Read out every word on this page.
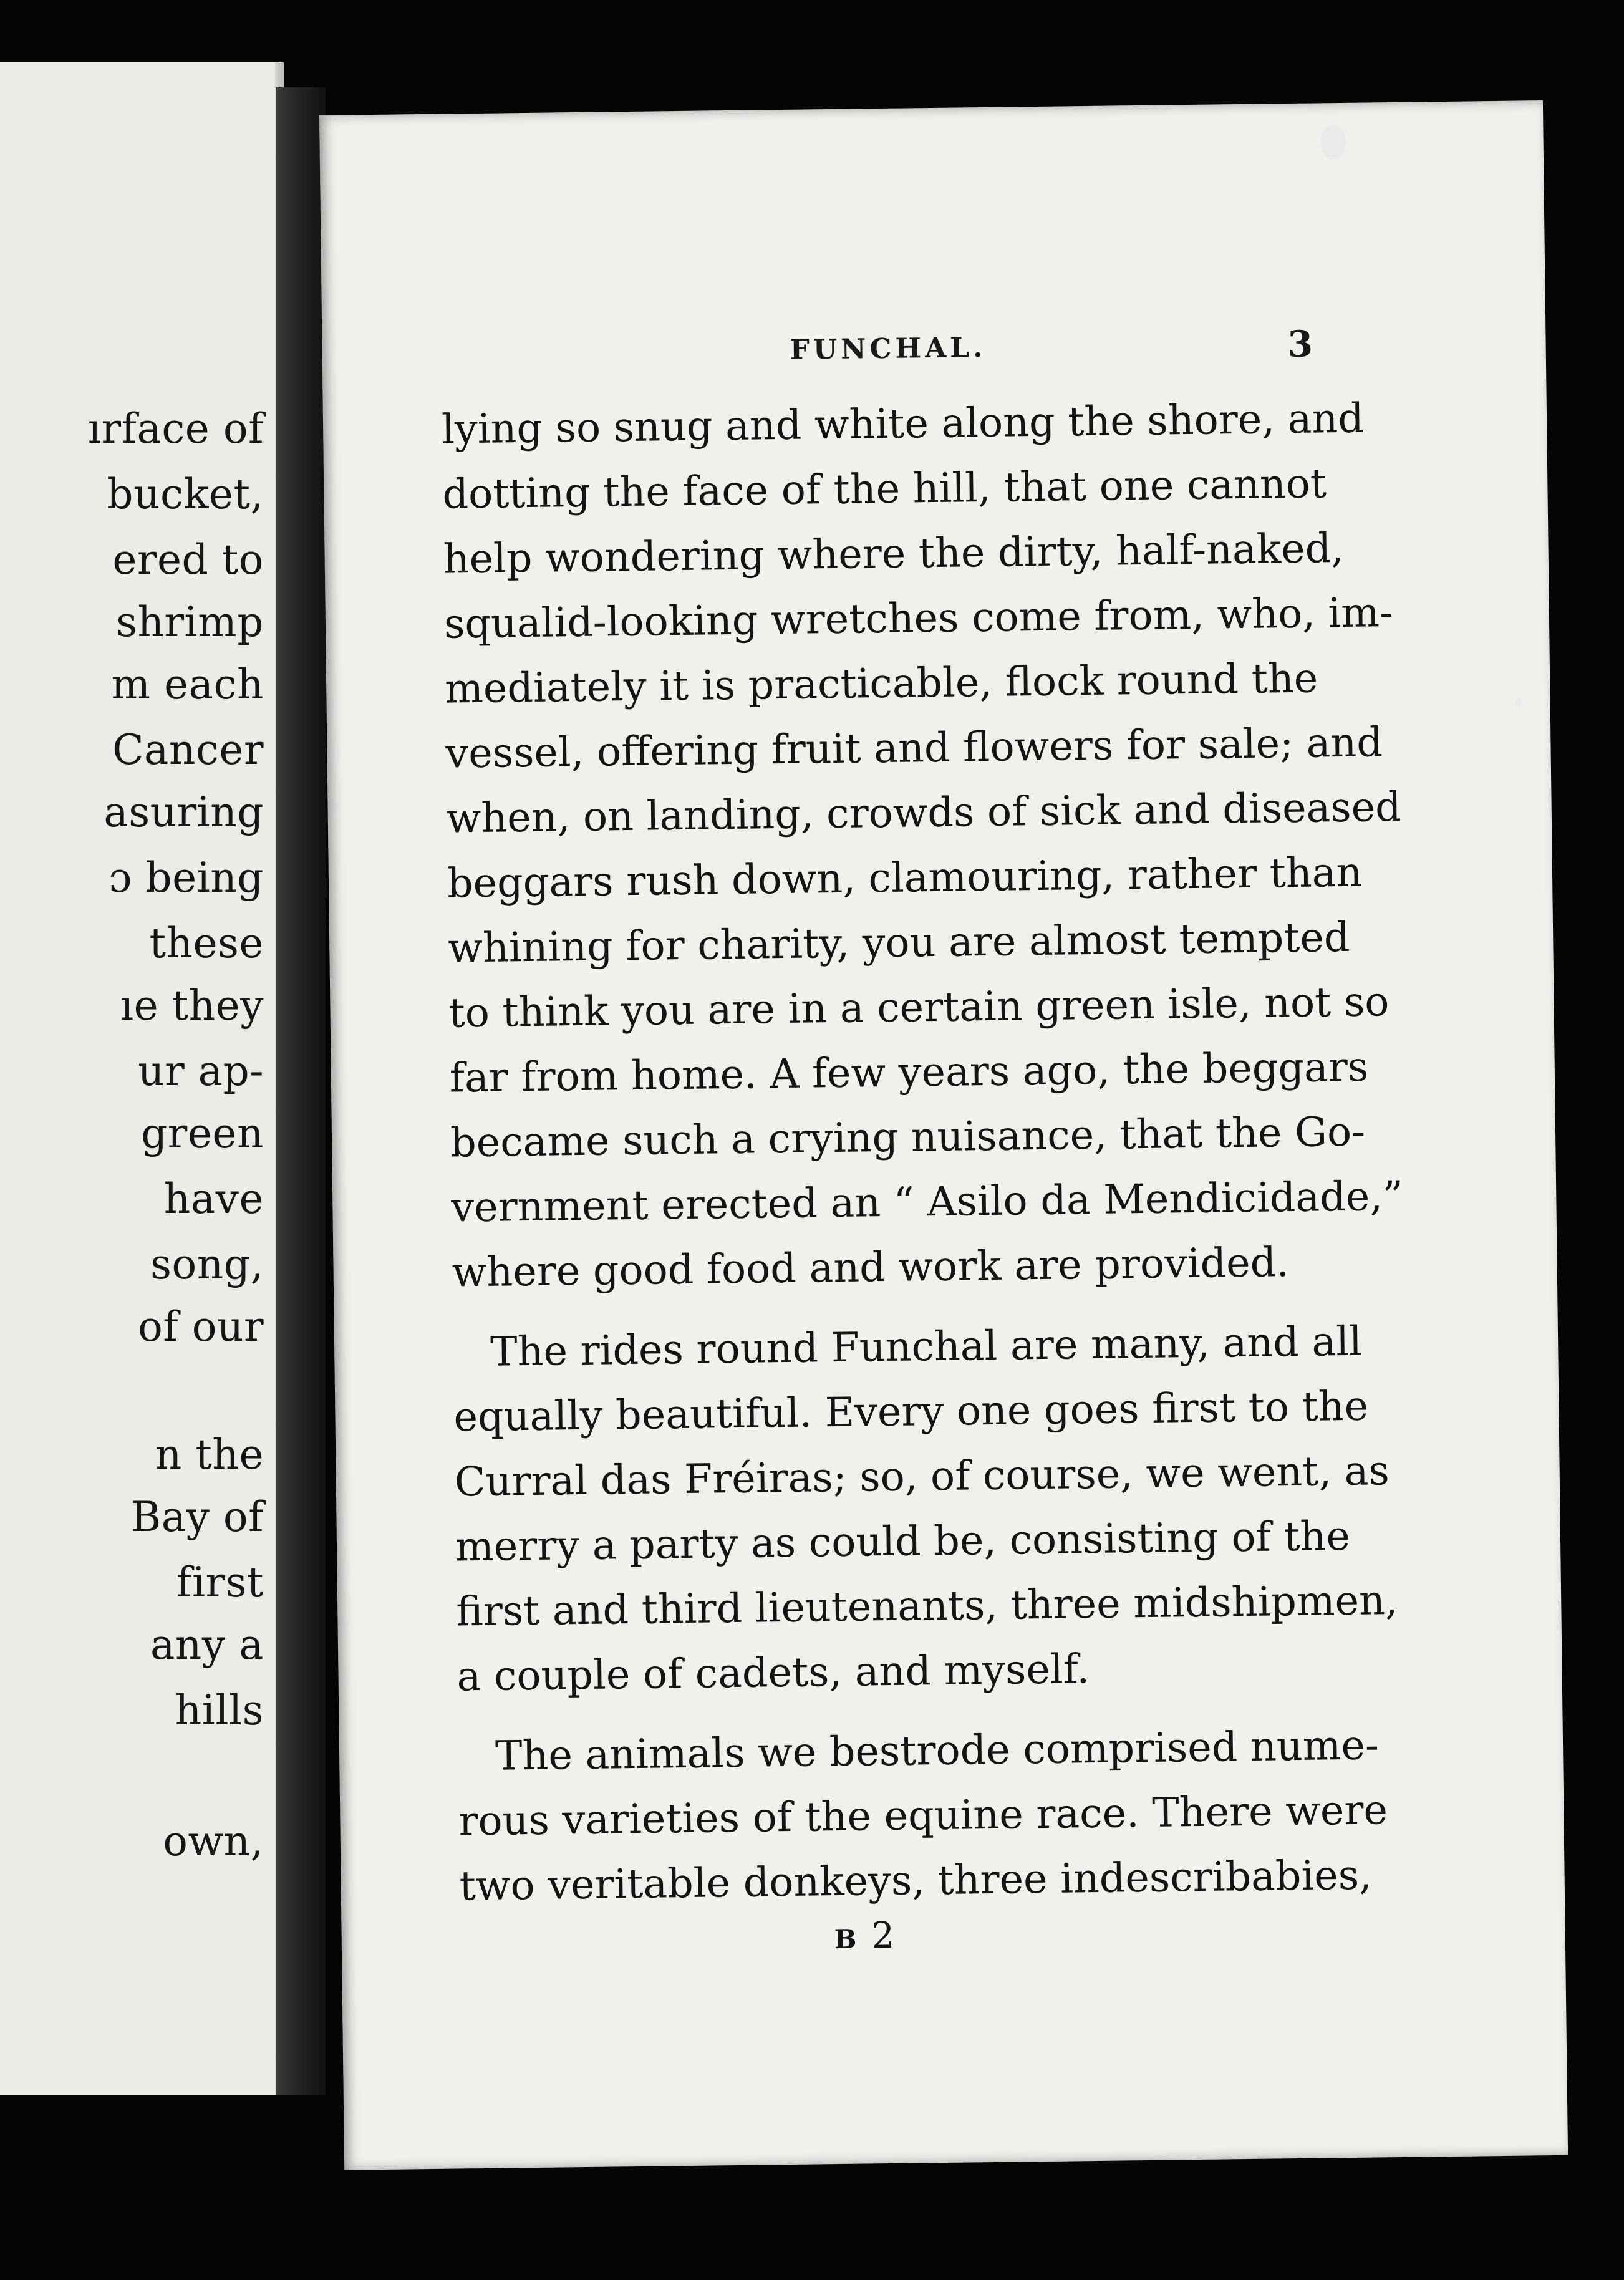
ırface of
bucket,
ered to
shrimp
m each
Cancer
asuring
ɔ being
these
ıe they
ur ap-
green
have
song,
of our
n the
Bay of
first
any a
hills
own,
FUNCHAL.	3
lying so snug and white along the shore, and
dotting the face of the hill, that one cannot
help wondering where the dirty, half-naked,
squalid-looking wretches come from, who, im-
mediately it is practicable, flock round the
vessel, offering fruit and flowers for sale; and
when, on landing, crowds of sick and diseased
beggars rush down, clamouring, rather than
whining for charity, you are almost tempted
to think you are in a certain green isle, not so
far from home. A few years ago, the beggars
became such a crying nuisance, that the Go-
vernment erected an “ Asilo da Mendicidade,”
where good food and work are provided.
The rides round Funchal are many, and all
equally beautiful. Every one goes first to the
Curral das Fréiras; so, of course, we went, as
merry a party as could be, consisting of the
first and third lieutenants, three midshipmen,
a couple of cadets, and myself.
The animals we bestrode comprised nume-
rous varieties of the equine race. There were
two veritable donkeys, three indescribabies,
B2
